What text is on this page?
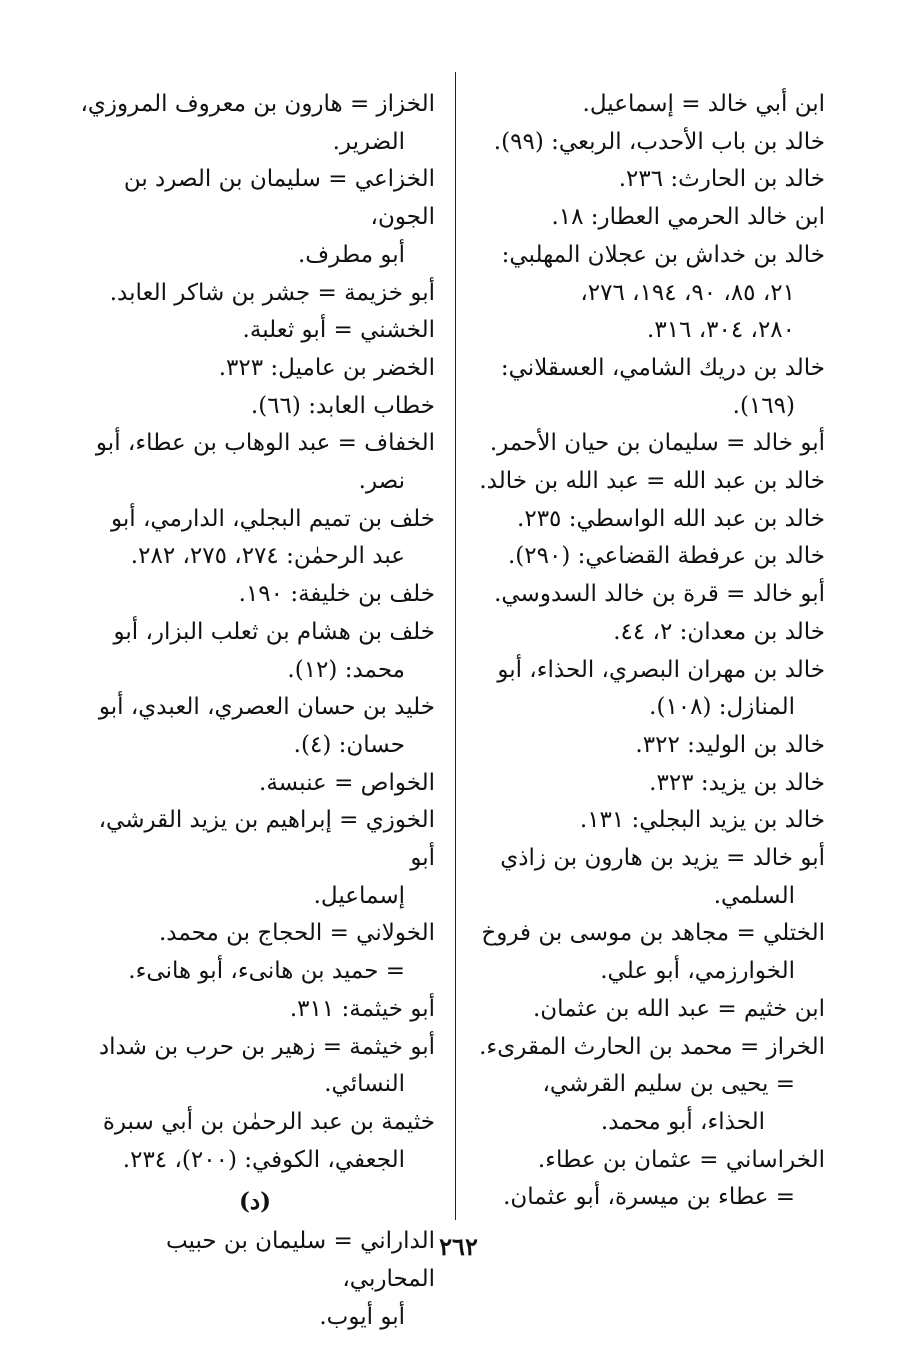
ابن أبي خالد = إسماعيل.
خالد بن باب الأحدب، الربعي: (٩٩).
خالد بن الحارث: ٢٣٦.
ابن خالد الحرمي العطار: ١٨.
خالد بن خداش بن عجلان المهلبي:
٢١، ٨٥، ٩٠، ١٩٤، ٢٧٦،
٢٨٠، ٣٠٤، ٣١٦.
خالد بن دريك الشامي، العسقلاني:
(١٦٩).
أبو خالد = سليمان بن حيان الأحمر.
خالد بن عبد الله = عبد الله بن خالد.
خالد بن عبد الله الواسطي: ٢٣٥.
خالد بن عرفطة القضاعي: (٢٩٠).
أبو خالد = قرة بن خالد السدوسي.
خالد بن معدان: ٢، ٤٤.
خالد بن مهران البصري، الحذاء، أبو
المنازل: (١٠٨).
خالد بن الوليد: ٣٢٢.
خالد بن يزيد: ٣٢٣.
خالد بن يزيد البجلي: ١٣١.
أبو خالد = يزيد بن هارون بن زاذي
السلمي.
الختلي = مجاهد بن موسى بن فروخ
الخوارزمي، أبو علي.
ابن خثيم = عبد الله بن عثمان.
الخراز = محمد بن الحارث المقرىء.
= يحيى بن سليم القرشي،
الحذاء، أبو محمد.
الخراساني = عثمان بن عطاء.
= عطاء بن ميسرة، أبو عثمان.
الخزاز = هارون بن معروف المروزي،
الضرير.
الخزاعي = سليمان بن الصرد بن الجون،
أبو مطرف.
أبو خزيمة = جشر بن شاكر العابد.
الخشني = أبو ثعلبة.
الخضر بن عاميل: ٣٢٣.
خطاب العابد: (٦٦).
الخفاف = عبد الوهاب بن عطاء، أبو
نصر.
خلف بن تميم البجلي، الدارمي، أبو
عبد الرحمٰن: ٢٧٤، ٢٧٥، ٢٨٢.
خلف بن خليفة: ١٩٠.
خلف بن هشام بن ثعلب البزار، أبو
محمد: (١٢).
خليد بن حسان العصري، العبدي، أبو
حسان: (٤).
الخواص = عنبسة.
الخوزي = إبراهيم بن يزيد القرشي، أبو
إسماعيل.
الخولاني = الحجاج بن محمد.
= حميد بن هانىء، أبو هانىء.
أبو خيثمة: ٣١١.
أبو خيثمة = زهير بن حرب بن شداد
النسائي.
خثيمة بن عبد الرحمٰن بن أبي سبرة
الجعفي، الكوفي: (٢٠٠)، ٢٣٤.
(د)
الداراني = سليمان بن حبيب المحاربي،
أبو أيوب.
٢٦٢
